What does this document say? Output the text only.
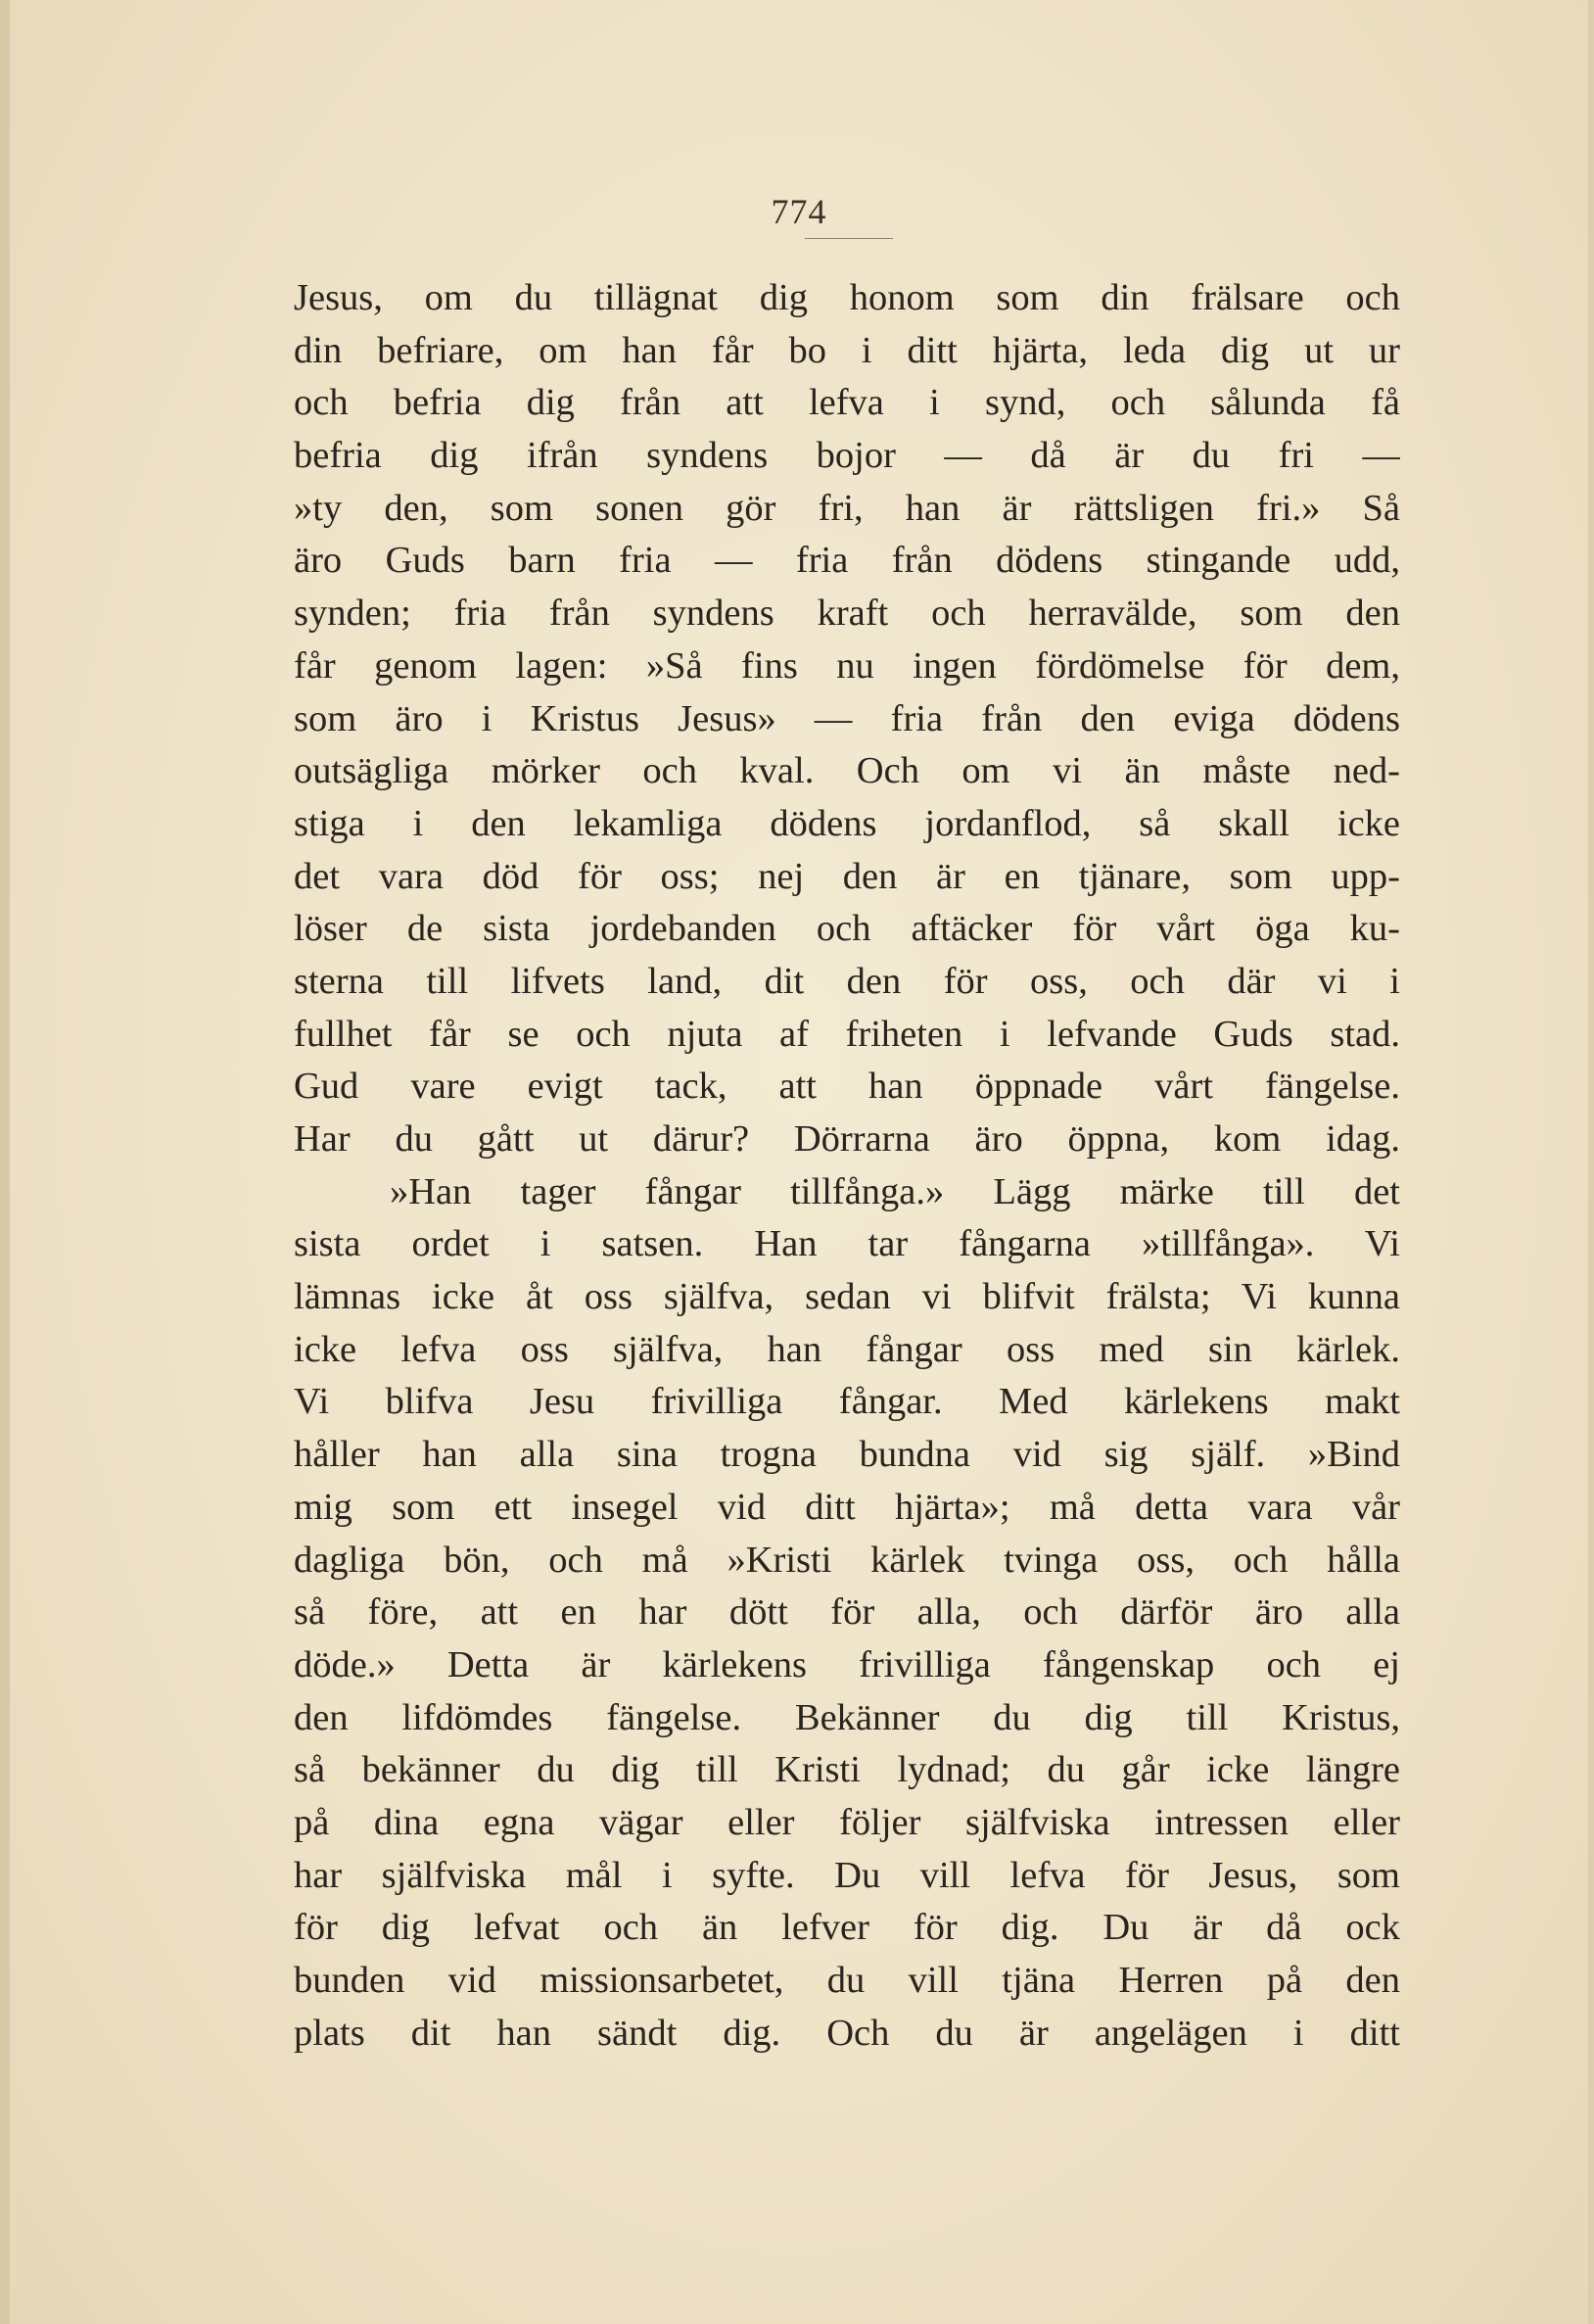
774
Jesus, om du tillägnat dig honom som din frälsare och
din befriare, om han får bo i ditt hjärta, leda dig ut ur
och befria dig från att lefva i synd, och sålunda få
befria dig ifrån syndens bojor — då är du fri —
»ty den, som sonen gör fri, han är rättsligen fri.» Så
äro Guds barn fria — fria från dödens stingande udd,
synden; fria från syndens kraft och herravälde, som den
får genom lagen: »Så fins nu ingen fördömelse för dem,
som äro i Kristus Jesus» — fria från den eviga dödens
outsägliga mörker och kval. Och om vi än måste ned-
stiga i den lekamliga dödens jordanflod, så skall icke
det vara död för oss; nej den är en tjänare, som upp-
löser de sista jordebanden och aftäcker för vårt öga ku-
sterna till lifvets land, dit den för oss, och där vi i
fullhet får se och njuta af friheten i lefvande Guds stad.
Gud vare evigt tack, att han öppnade vårt fängelse.
Har du gått ut därur? Dörrarna äro öppna, kom idag.
»Han tager fångar tillfånga.» Lägg märke till det
sista ordet i satsen. Han tar fångarna »tillfånga». Vi
lämnas icke åt oss själfva, sedan vi blifvit frälsta; Vi kunna
icke lefva oss själfva, han fångar oss med sin kärlek.
Vi blifva Jesu frivilliga fångar. Med kärlekens makt
håller han alla sina trogna bundna vid sig själf. »Bind
mig som ett insegel vid ditt hjärta»; må detta vara vår
dagliga bön, och må »Kristi kärlek tvinga oss, och hålla
så före, att en har dött för alla, och därför äro alla
döde.» Detta är kärlekens frivilliga fångenskap och ej
den lifdömdes fängelse. Bekänner du dig till Kristus,
så bekänner du dig till Kristi lydnad; du går icke längre
på dina egna vägar eller följer själfviska intressen eller
har själfviska mål i syfte. Du vill lefva för Jesus, som
för dig lefvat och än lefver för dig. Du är då ock
bunden vid missionsarbetet, du vill tjäna Herren på den
plats dit han sändt dig. Och du är angelägen i ditt
